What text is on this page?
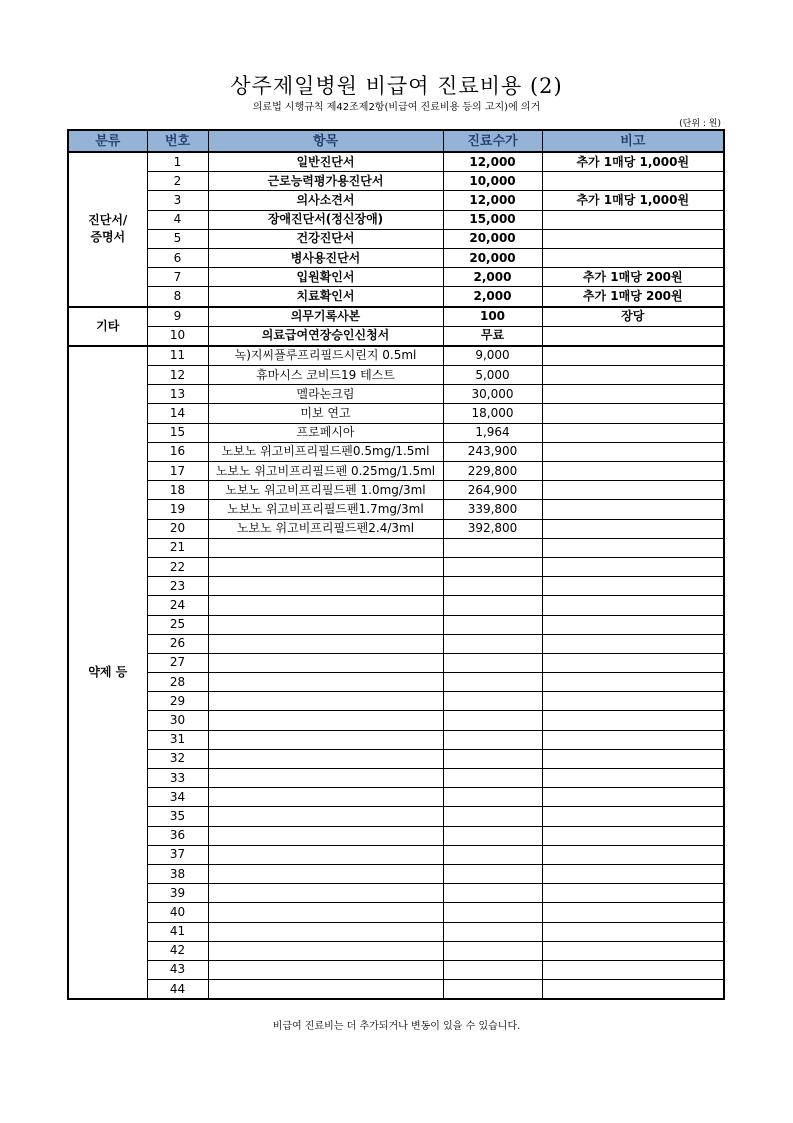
상주제일병원 비급여 진료비용 (2)
의료법 시행규칙 제42조제2항(비급여 진료비용 등의 고지)에 의거
(단위 : 원)
분류	번호	항목	진료수가	비고
진단서/
증명서	1	일반진단서	12,000	추가 1매당 1,000원
	2	근로능력평가용진단서	10,000	
	3	의사소견서	12,000	추가 1매당 1,000원
	4	장애진단서(정신장애)	15,000	
	5	건강진단서	20,000	
	6	병사용진단서	20,000	
	7	입원확인서	2,000	추가 1매당 200원
	8	치료확인서	2,000	추가 1매당 200원
기타	9	의무기록사본	100	장당
	10	의료급여연장승인신청서	무료	
약제 등	11	녹)지씨플루프리필드시린지 0.5ml	9,000	
	12	휴마시스 코비드19 테스트	5,000	
	13	멜라논크림	30,000	
	14	미보 연고	18,000	
	15	프로페시아	1,964	
	16	노보노 위고비프리필드펜0.5mg/1.5ml	243,900	
	17	노보노 위고비프리필드펜 0.25mg/1.5ml	229,800	
	18	노보노 위고비프리필드펜 1.0mg/3ml	264,900	
	19	노보노 위고비프리필드펜1.7mg/3ml	339,800	
	20	노보노 위고비프리필드펜2.4/3ml	392,800	
	21			
	22			
	23			
	24			
	25			
	26			
	27			
	28			
	29			
	30			
	31			
	32			
	33			
	34			
	35			
	36			
	37			
	38			
	39			
	40			
	41			
	42			
	43			
	44			
비급여 진료비는 더 추가되거나 변동이 있을 수 있습니다.
